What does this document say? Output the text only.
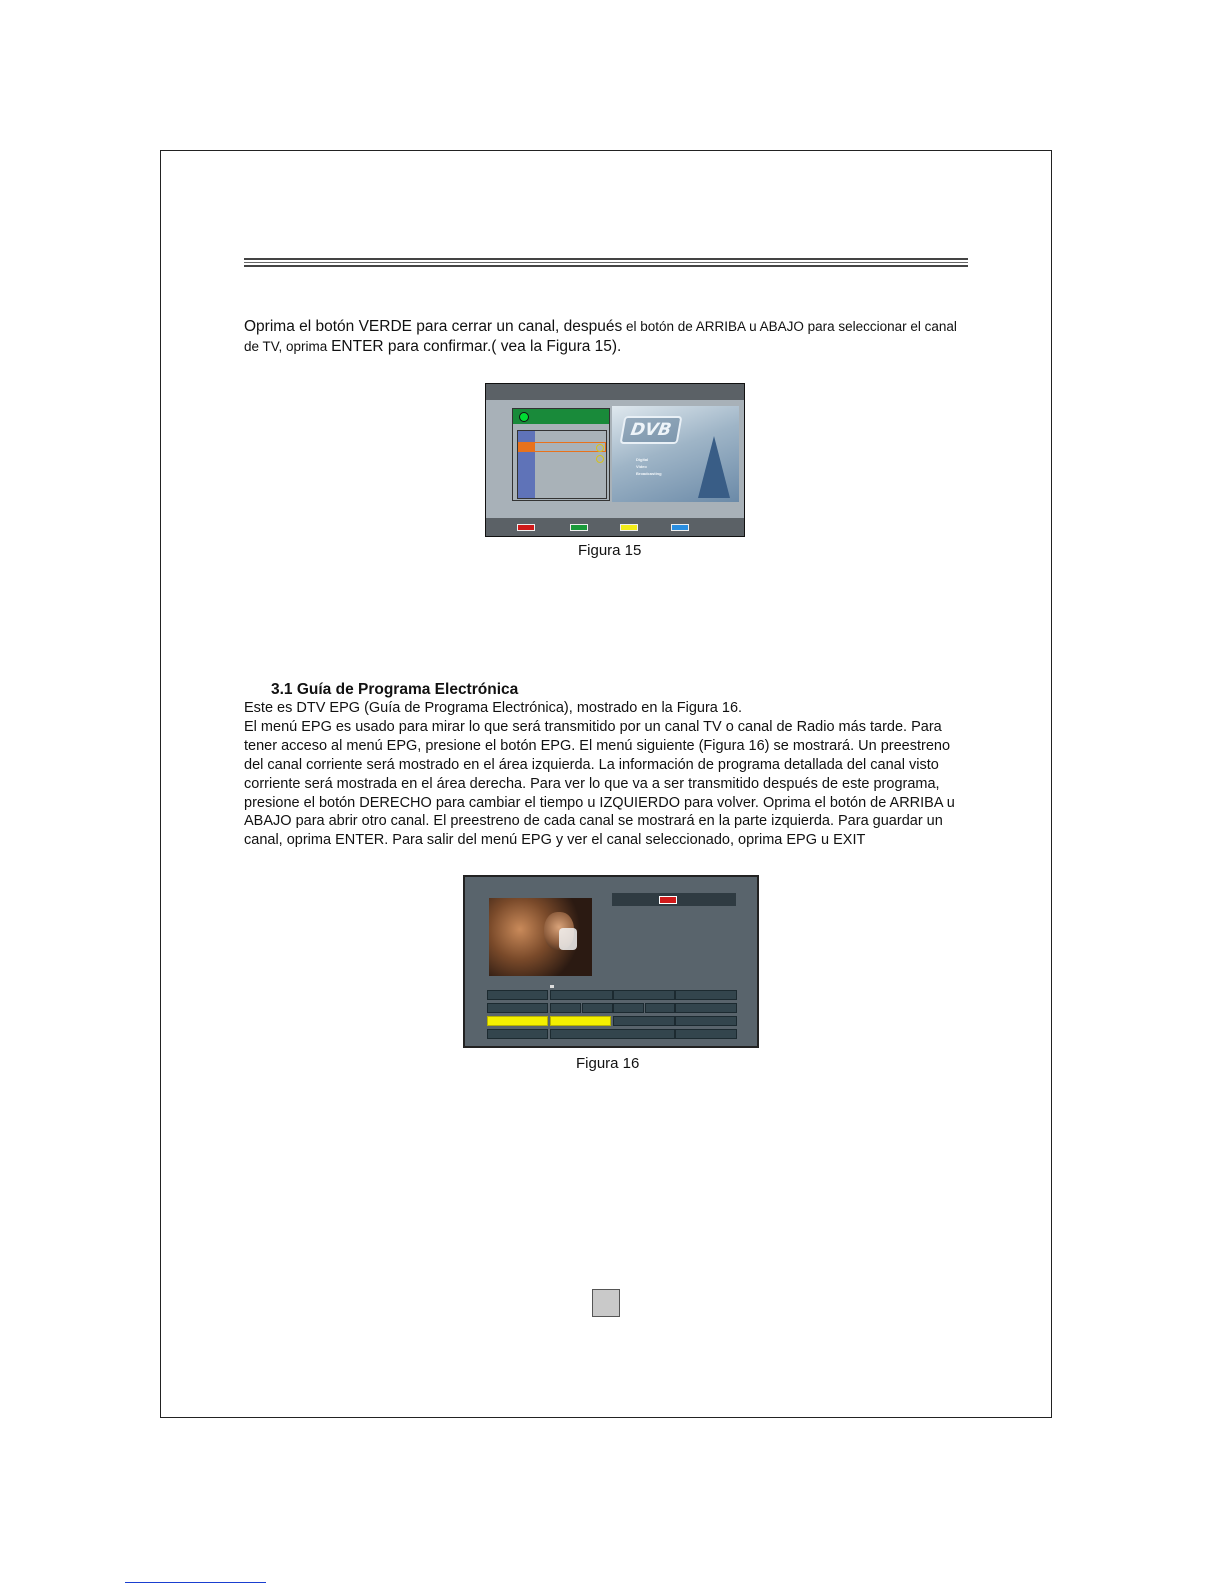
Oprima el botón VERDE para cerrar un canal, después el botón de ARRIBA u ABAJO para seleccionar el canal de TV, oprima ENTER para confirmar.( vea la Figura 15).

DVB
Digital
Video
Broadcasting

Figura 15

3.1 Guía de Programa Electrónica

Este es DTV EPG (Guía de Programa Electrónica), mostrado en la Figura 16.
El menú EPG es usado para mirar lo que será transmitido por un canal TV o canal de Radio más tarde. Para
tener acceso al menú EPG, presione el botón EPG. El menú siguiente (Figura 16) se mostrará. Un preestreno
del canal corriente será mostrado en el área izquierda. La información de programa detallada del canal visto
corriente será mostrada en el área derecha. Para ver lo que va a ser transmitido después de este programa,
presione el botón DERECHO para cambiar el tiempo u IZQUIERDO para volver. Oprima el botón de ARRIBA u
ABAJO para abrir otro canal. El preestreno de cada canal se mostrará en la parte izquierda. Para guardar un
canal, oprima ENTER. Para salir del menú EPG y ver el canal seleccionado, oprima EPG u EXIT

Figura 16
